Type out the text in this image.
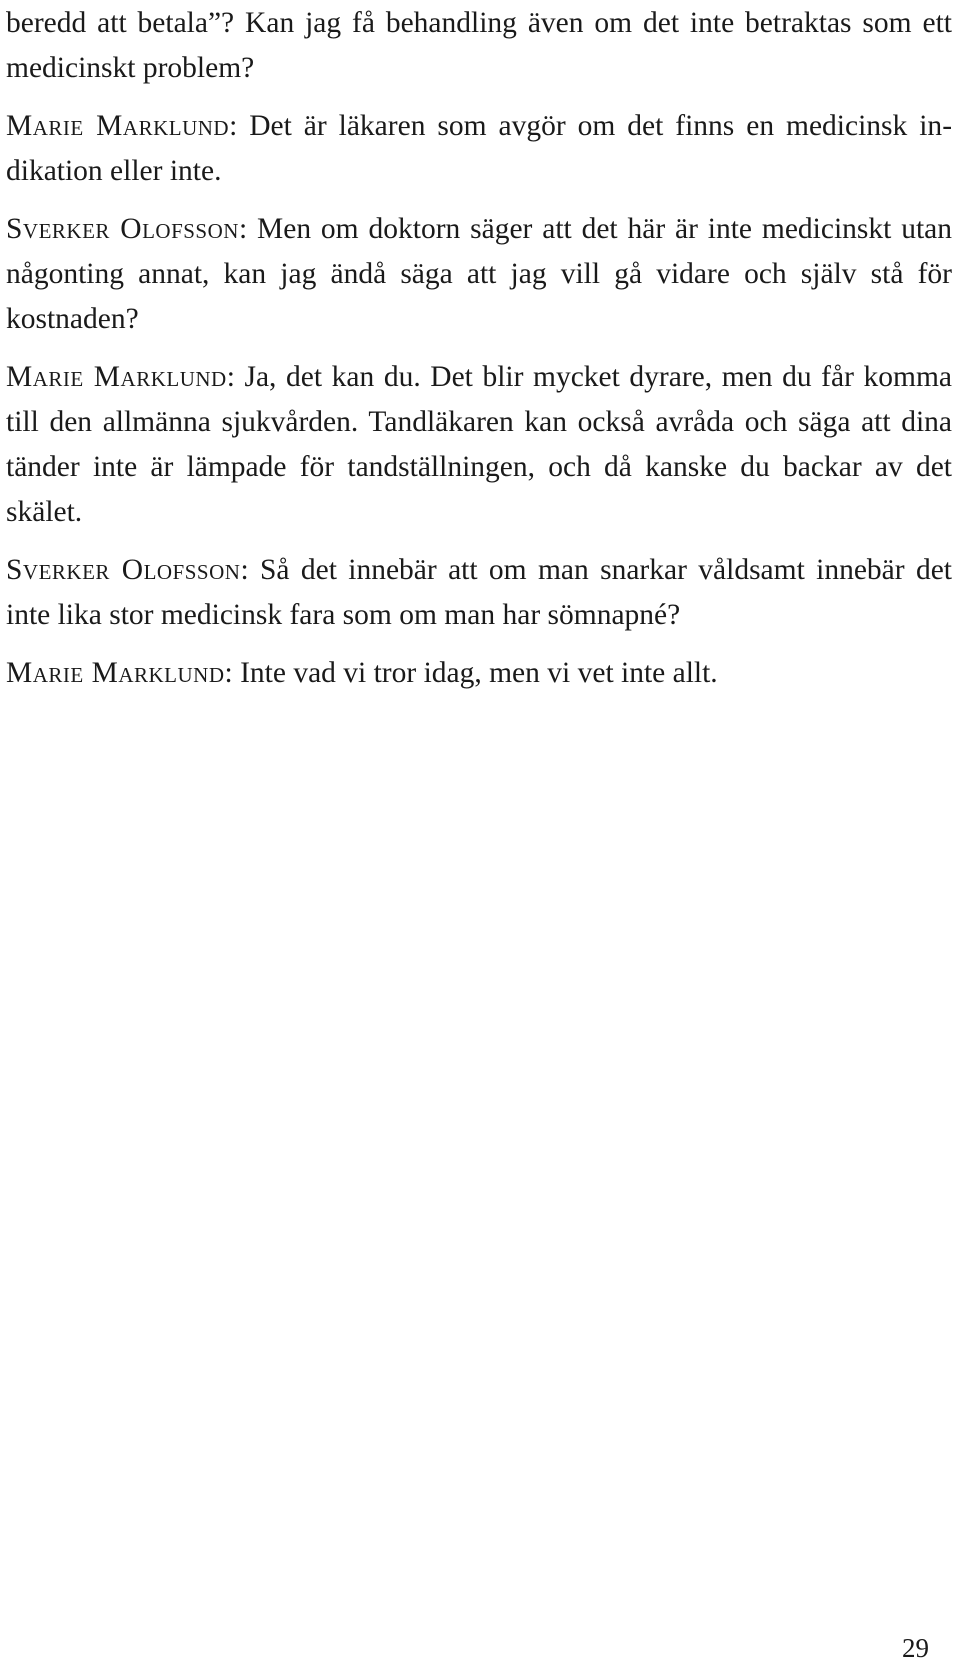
beredd att betala”? Kan jag få behandling även om det inte betraktas som ett medicinskt problem?

Marie Marklund: Det är läkaren som avgör om det finns en medicinsk indikation eller inte.

Sverker Olofsson: Men om doktorn säger att det här är inte medicinskt utan någonting annat, kan jag ändå säga att jag vill gå vidare och själv stå för kostnaden?

Marie Marklund: Ja, det kan du. Det blir mycket dyrare, men du får komma till den allmänna sjukvården. Tandläkaren kan också avråda och säga att dina tänder inte är lämpade för tandställningen, och då kanske du backar av det skälet.

Sverker Olofsson: Så det innebär att om man snarkar våldsamt innebär det inte lika stor medicinsk fara som om man har sömnapné?

Marie Marklund: Inte vad vi tror idag, men vi vet inte allt.

29
